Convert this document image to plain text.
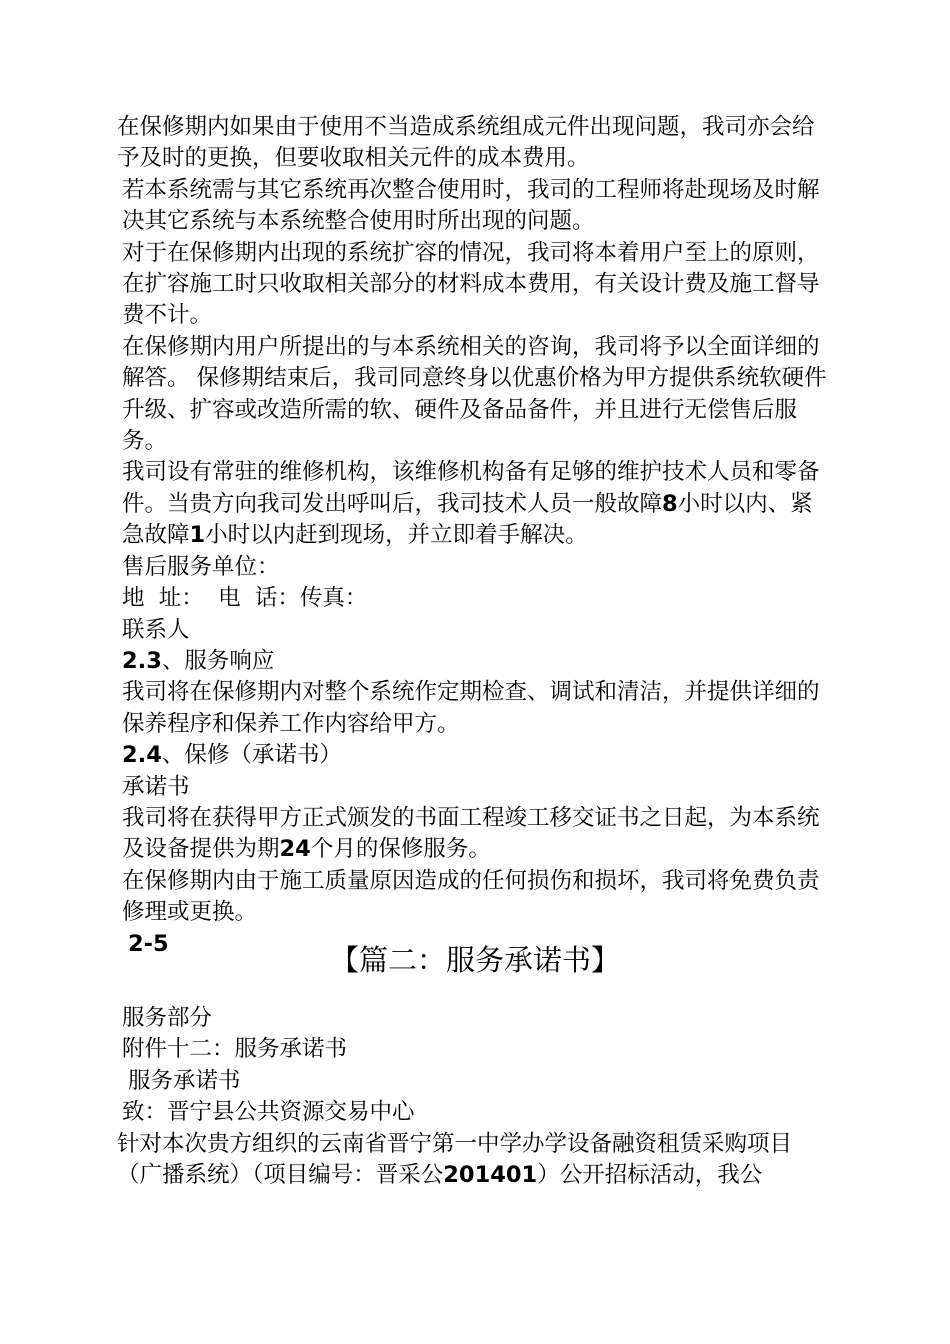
在保修期内如果由于使用不当造成系统组成元件出现问题，我司亦会给予及时的更换，但要收取相关元件的成本费用。

若本系统需与其它系统再次整合使用时，我司的工程师将赴现场及时解决其它系统与本系统整合使用时所出现的问题。

对于在保修期内出现的系统扩容的情况，我司将本着用户至上的原则，在扩容施工时只收取相关部分的材料成本费用，有关设计费及施工督导费不计。

在保修期内用户所提出的与本系统相关的咨询，我司将予以全面详细的解答。 保修期结束后，我司同意终身以优惠价格为甲方提供系统软硬件升级、扩容或改造所需的软、硬件及备品备件，并且进行无偿售后服务。

我司设有常驻的维修机构，该维修机构备有足够的维护技术人员和零备件。当贵方向我司发出呼叫后，我司技术人员一般故障8小时以内、紧急故障1小时以内赶到现场，并立即着手解决。

售后服务单位：

地  址：  电  话：传真：

联系人

2.3、服务响应

我司将在保修期内对整个系统作定期检查、调试和清洁，并提供详细的保养程序和保养工作内容给甲方。

2.4、保修（承诺书）

承诺书

我司将在获得甲方正式颁发的书面工程竣工移交证书之日起，为本系统及设备提供为期24个月的保修服务。

在保修期内由于施工质量原因造成的任何损伤和损坏，我司将免费负责修理或更换。

2-5	【篇二：服务承诺书】

服务部分

附件十二：服务承诺书

服务承诺书

致：晋宁县公共资源交易中心

针对本次贵方组织的云南省晋宁第一中学办学设备融资租赁采购项目（广播系统）（项目编号：晋采公201401）公开招标活动，我公
